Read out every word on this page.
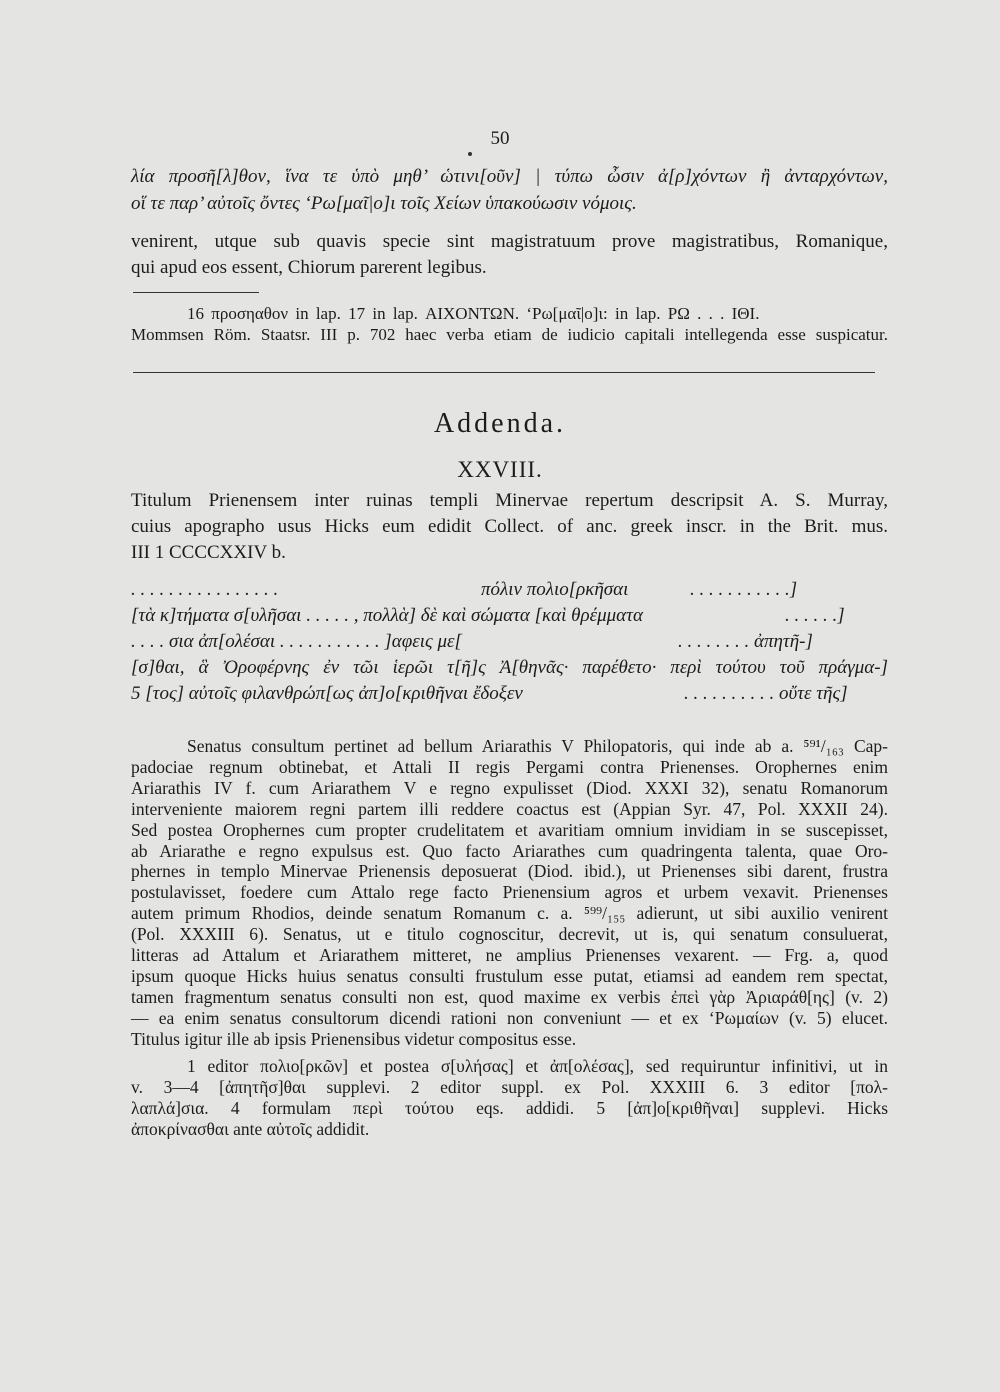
50
λία προσῆ[λ]θον, ἵνα τε ὑπὸ μηθ’ ὡτινι[οῦν] | τύπω ὦσιν ἀ[ρ]χόντων ἢ ἀνταρχόντων,
οἵ τε παρ’ αὐτοῖς ὄντες ‘Ρω[μαῖ|ο]ι τοῖς Χείων ὑπακούωσιν νόμοις.
venirent, utque sub quavis specie sint magistratuum prove magistratibus, Romanique,
qui apud eos essent, Chiorum parerent legibus.
16 προσηαθον in lap. 17 in lap. ΑΙΧΟΝΤΩΝ. ‘Ρω[μαῖ|ο]ι: in lap. ΡΩ . . . ΙΘΙ.
Mommsen Röm. Staatsr. III p. 702 haec verba etiam de iudicio capitali intellegenda esse suspicatur.
Addenda.
XXVIII.
Titulum Prienensem inter ruinas templi Minervae repertum descripsit A. S. Murray,
cuius apographo usus Hicks eum edidit Collect. of anc. greek inscr. in the Brit. mus.
III 1 CCCCXXIV b.
. . . . . . . . . . . . . . . .	πόλιν πολιο[ρκῆσαι	. . . . . . . . . . .]
[τὰ κ]τήματα σ[υλῆσαι . . . . . , πολλὰ] δὲ καὶ σώματα [καὶ θρέμματα	. . . . . .]
. . . . σια ἀπ[ολέσαι . . . . . . . . . . . ]αφεις με[	. . . . . . . . ἀπητῆ-]
[σ]θαι, ἃ Ὀροφέρνης ἐν τῶι ἱερῶι τ[ῆ]ς Ἀ[θηνᾶς· παρέθετο· περὶ τούτου τοῦ πράγμα-]
5 [τος] αὐτοῖς φιλανθρώπ[ως ἀπ]ο[κριθῆναι ἔδοξεν	. . . . . . . . . . οὔτε τῆς]
Senatus consultum pertinet ad bellum Ariarathis V Philopatoris, qui inde ab a. ⁵⁹¹/₁₆₃ Cap-
padociae regnum obtinebat, et Attali II regis Pergami contra Prienenses. Orophernes enim
Ariarathis IV f. cum Ariarathem V e regno expulisset (Diod. XXXI 32), senatu Romanorum
interveniente maiorem regni partem illi reddere coactus est (Appian Syr. 47, Pol. XXXII 24).
Sed postea Orophernes cum propter crudelitatem et avaritiam omnium invidiam in se suscepisset,
ab Ariarathe e regno expulsus est. Quo facto Ariarathes cum quadringenta talenta, quae Oro-
phernes in templo Minervae Prienensis deposuerat (Diod. ibid.), ut Prienenses sibi darent, frustra
postulavisset, foedere cum Attalo rege facto Prienensium agros et urbem vexavit. Prienenses
autem primum Rhodios, deinde senatum Romanum c. a. ⁵⁹⁹/₁₅₅ adierunt, ut sibi auxilio venirent
(Pol. XXXIII 6). Senatus, ut e titulo cognoscitur, decrevit, ut is, qui senatum consuluerat,
litteras ad Attalum et Ariarathem mitteret, ne amplius Prienenses vexarent. — Frg. a, quod
ipsum quoque Hicks huius senatus consulti frustulum esse putat, etiamsi ad eandem rem spectat,
tamen fragmentum senatus consulti non est, quod maxime ex verbis ἐπεὶ γὰρ Ἀριαράθ[ης] (v. 2)
— ea enim senatus consultorum dicendi rationi non conveniunt — et ex ‘Ρωμαίων (v. 5) elucet.
Titulus igitur ille ab ipsis Prienensibus videtur compositus esse.
1 editor πολιο[ρκῶν] et postea σ[υλήσας] et ἀπ[ολέσας], sed requiruntur infinitivi, ut in
v. 3—4 [ἀπητῆσ]θαι supplevi. 2 editor suppl. ex Pol. XXXIII 6. 3 editor [πολ-
λαπλά]σια. 4 formulam περὶ τούτου eqs. addidi. 5 [ἀπ]ο[κριθῆναι] supplevi. Hicks
ἀποκρίνασθαι ante αὐτοῖς addidit.
